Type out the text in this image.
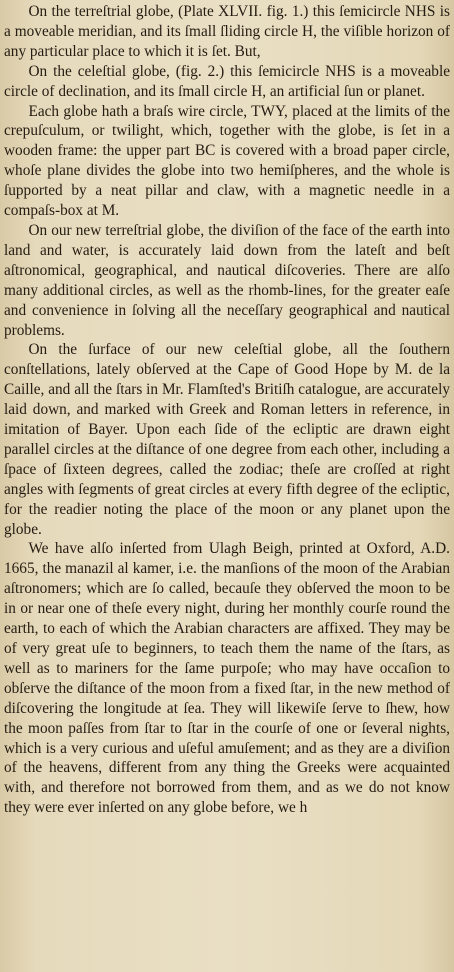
On the terreſtrial globe, (Plate XLVII. fig. 1.) this ſemicircle NHS is a moveable meridian, and its ſmall ſliding circle H, the viſible horizon of any particular place to which it is ſet. But,

On the celeſtial globe, (fig. 2.) this ſemicircle NHS is a moveable circle of declination, and its ſmall circle H, an artificial ſun or planet.

Each globe hath a braſs wire circle, TWY, placed at the limits of the crepuſculum, or twilight, which, together with the globe, is ſet in a wooden frame: the upper part BC is covered with a broad paper circle, whoſe plane divides the globe into two hemiſpheres, and the whole is ſupported by a neat pillar and claw, with a magnetic needle in a compaſs-box at M.

On our new terreſtrial globe, the diviſion of the face of the earth into land and water, is accurately laid down from the lateſt and beſt aſtronomical, geographical, and nautical diſcoveries. There are alſo many additional circles, as well as the rhomb-lines, for the greater eaſe and convenience in ſolving all the neceſſary geographical and nautical problems.

On the ſurface of our new celeſtial globe, all the ſouthern conſtellations, lately obſerved at the Cape of Good Hope by M. de la Caille, and all the ſtars in Mr. Flamſted's Britiſh catalogue, are accurately laid down, and marked with Greek and Roman letters in reference, in imitation of Bayer. Upon each ſide of the ecliptic are drawn eight parallel circles at the diſtance of one degree from each other, including a ſpace of ſixteen degrees, called the zodiac; theſe are croſſed at right angles with ſegments of great circles at every fifth degree of the ecliptic, for the readier noting the place of the moon or any planet upon the globe.

We have alſo inſerted from Ulagh Beigh, printed at Oxford, A.D. 1665, the manazil al kamer, i.e. the manſions of the moon of the Arabian aſtronomers; which are ſo called, becauſe they obſerved the moon to be in or near one of theſe every night, during her monthly courſe round the earth, to each of which the Arabian characters are affixed. They may be of very great uſe to beginners, to teach them the name of the ſtars, as well as to mariners for the ſame purpoſe; who may have occaſion to obſerve the diſtance of the moon from a fixed ſtar, in the new method of diſcovering the longitude at ſea. They will likewiſe ſerve to ſhew, how the moon paſſes from ſtar to ſtar in the courſe of one or ſeveral nights, which is a very curious and uſeful amuſement; and as they are a diviſion of the heavens, different from any thing the Greeks were acquainted with, and therefore not borrowed from them, and as we do not know they were ever inſerted on any globe before, we h
